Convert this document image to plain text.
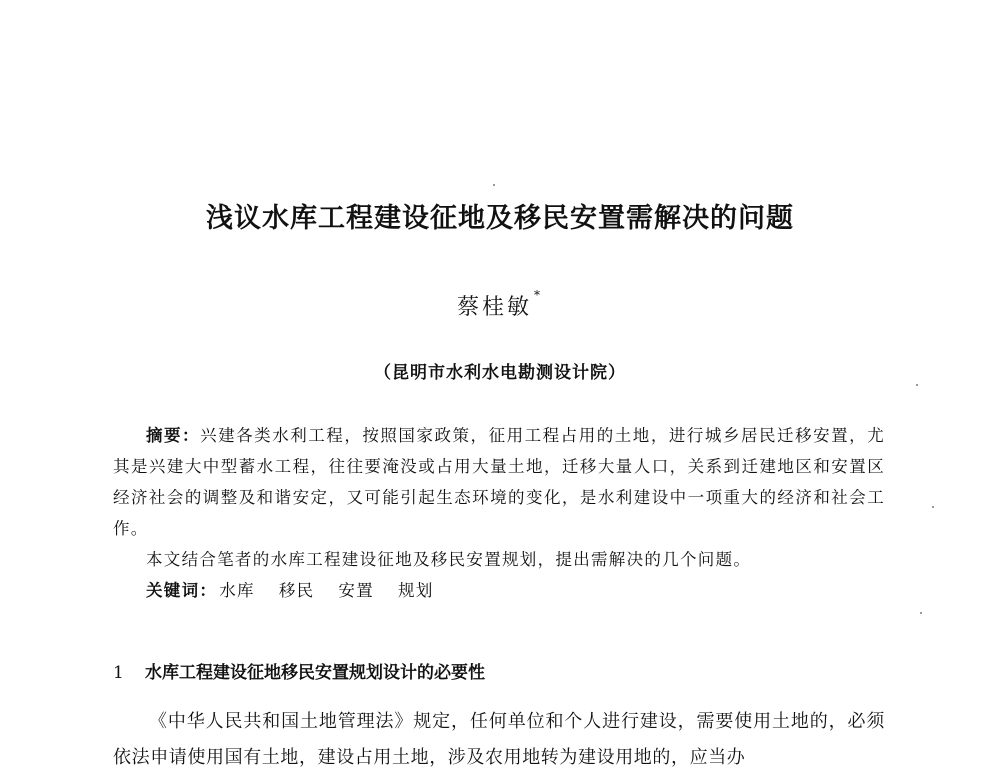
浅议水库工程建设征地及移民安置需解决的问题
蔡桂敏 *
（昆明市水利水电勘测设计院）

摘要：兴建各类水利工程，按照国家政策，征用工程占用的土地，进行城乡居民迁移安置，尤其是兴建大中型蓄水工程，往往要淹没或占用大量土地，迁移大量人口，关系到迁建地区和安置区经济社会的调整及和谐安定，又可能引起生态环境的变化，是水利建设中一项重大的经济和社会工作。

本文结合笔者的水库工程建设征地及移民安置规划，提出需解决的几个问题。

关键词： 水库 移民 安置 规划

1 水库工程建设征地移民安置规划设计的必要性

《中华人民共和国土地管理法》规定，任何单位和个人进行建设，需要使用土地的，必须依法申请使用国有土地，建设占用土地，涉及农用地转为建设用地的，应当办
